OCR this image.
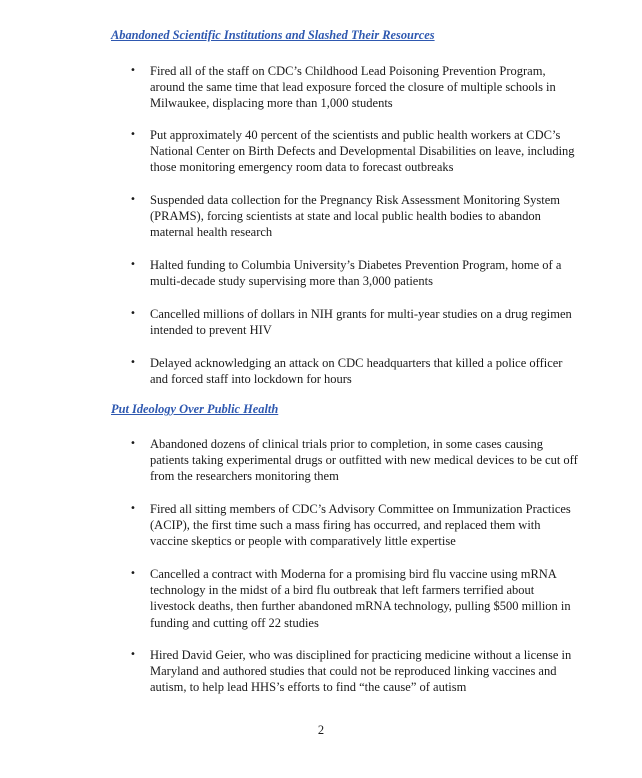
Abandoned Scientific Institutions and Slashed Their Resources
• Fired all of the staff on CDC’s Childhood Lead Poisoning Prevention Program, around the same time that lead exposure forced the closure of multiple schools in Milwaukee, displacing more than 1,000 students
• Put approximately 40 percent of the scientists and public health workers at CDC’s National Center on Birth Defects and Developmental Disabilities on leave, including those monitoring emergency room data to forecast outbreaks
• Suspended data collection for the Pregnancy Risk Assessment Monitoring System (PRAMS), forcing scientists at state and local public health bodies to abandon maternal health research
• Halted funding to Columbia University’s Diabetes Prevention Program, home of a multi-decade study supervising more than 3,000 patients
• Cancelled millions of dollars in NIH grants for multi-year studies on a drug regimen intended to prevent HIV
• Delayed acknowledging an attack on CDC headquarters that killed a police officer and forced staff into lockdown for hours
Put Ideology Over Public Health
• Abandoned dozens of clinical trials prior to completion, in some cases causing patients taking experimental drugs or outfitted with new medical devices to be cut off from the researchers monitoring them
• Fired all sitting members of CDC’s Advisory Committee on Immunization Practices (ACIP), the first time such a mass firing has occurred, and replaced them with vaccine skeptics or people with comparatively little expertise
• Cancelled a contract with Moderna for a promising bird flu vaccine using mRNA technology in the midst of a bird flu outbreak that left farmers terrified about livestock deaths, then further abandoned mRNA technology, pulling $500 million in funding and cutting off 22 studies
• Hired David Geier, who was disciplined for practicing medicine without a license in Maryland and authored studies that could not be reproduced linking vaccines and autism, to help lead HHS’s efforts to find “the cause” of autism
2
